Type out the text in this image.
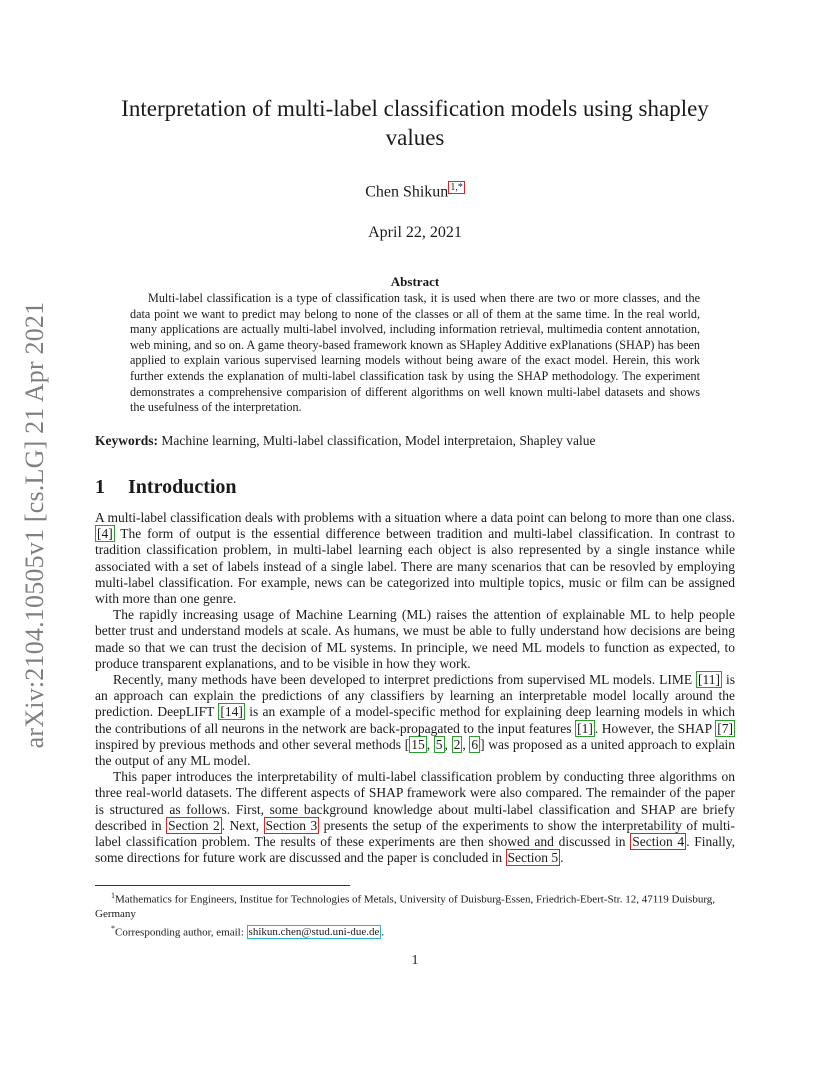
arXiv:2104.10505v1 [cs.LG] 21 Apr 2021
Interpretation of multi-label classification models using shapley values
Chen Shikun $^{1,*}$
April 22, 2021
Abstract

Multi-label classification is a type of classification task, it is used when there are two or more classes, and the data point we want to predict may belong to none of the classes or all of them at the same time. In the real world, many applications are actually multi-label involved, including information retrieval, multimedia content annotation, web mining, and so on. A game theory-based framework known as SHapley Additive exPlanations (SHAP) has been applied to explain various supervised learning models without being aware of the exact model. Herein, this work further extends the explanation of multi-label classification task by using the SHAP methodology. The experiment demonstrates a comprehensive comparision of different algorithms on well known multi-label datasets and shows the usefulness of the interpretation.

Keywords: Machine learning, Multi-label classification, Model interpretaion, Shapley value
1 Introduction

A multi-label classification deals with problems with a situation where a data point can belong to more than one class. [4] The form of output is the essential difference between tradition and multi-label classification. In contrast to tradition classification problem, in multi-label learning each object is also represented by a single instance while associated with a set of labels instead of a single label. There are many scenarios that can be resovled by employing multi-label classification. For example, news can be categorized into multiple topics, music or film can be assigned with more than one genre.

The rapidly increasing usage of Machine Learning (ML) raises the attention of explainable ML to help people better trust and understand models at scale. As humans, we must be able to fully understand how decisions are being made so that we can trust the decision of ML systems. In principle, we need ML models to function as expected, to produce transparent explanations, and to be visible in how they work.

Recently, many methods have been developed to interpret predictions from supervised ML models. LIME [11] is an approach can explain the predictions of any classifiers by learning an interpretable model locally around the prediction. DeepLIFT [14] is an example of a model-specific method for explaining deep learning models in which the contributions of all neurons in the network are back-propagated to the input features [1] . However, the SHAP [7] inspired by previous methods and other several methods [ 15 , 5 , 2 , 6 ] was proposed as a united approach to explain the output of any ML model.

This paper introduces the interpretability of multi-label classification problem by conducting three algorithms on three real-world datasets. The different aspects of SHAP framework were also compared. The remainder of the paper is structured as follows. First, some background knowledge about multi-label classification and SHAP are briefy described in Section 2 . Next, Section 3 presents the setup of the experiments to show the interpretability of multi-label classification problem. The results of these experiments are then showed and discussed in Section 4 . Finally, some directions for future work are discussed and the paper is concluded in Section 5 .

$^1$Mathematics for Engineers, Institue for Technologies of Metals, University of Duisburg-Essen, Friedrich-Ebert-Str. 12, 47119 Duisburg, Germany

*Corresponding author, email: shikun.chen@stud.uni-due.de .

1
